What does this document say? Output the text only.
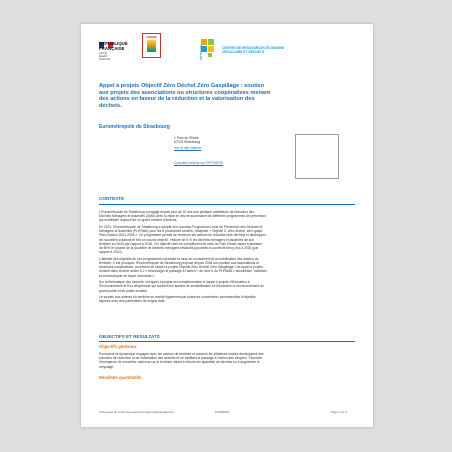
RÉPUBLIQUE
FRANÇAISE
Liberté
Égalité
Fraternité
ADEME
OPTIGEDE	CENTRE DE RESSOURCES ÉCONOMIE
CIRCULAIRE ET DÉCHETS
Appel à projets Objectif Zéro Déchet Zéro Gaspillage : soutien
aux projets des associations ou structures coopératives menant
des actions en faveur de la réduction et la valorisation des
déchets.
Eurométropole de Strasbourg
1 Parc de l'Etoile
67076 Strasbourg
Voir le site internet
Consulter la fiche sur OPTIGEDE
CONTEXTE
L'Eurométropole de Strasbourg a engagé depuis plus de 10 ans une politique ambitieuse de réduction des
Déchets Ménagers et Assimilés (DMA) avec la mise en œuvre successive de différents programmes de prévention
qui mobilisent aujourd'hui un grand nombre d'acteurs.
En 2021, l'Eurométropole de Strasbourg a adopté son nouveau Programme Local de Prévention des Déchets et
Ménagers et Assimilés (PLPDMA) pour les 6 prochaines années, rebaptisé « Objectif Z, zéro déchet, zéro gaspi.
Plan d'action 2021-2026 ». Ce programme permet de renforcer les actions de réduction des déchets et développer
de nouvelles solutions et fixe un nouvel objectif : réduire de 6 % les déchets ménagers et assimilés de son
territoire en 2026 par rapport à 2018. Cet objectif vient en complément de celui du Plan Climat visant à abaisser
de 50% le volume de la poubelle de déchets ménagers résiduels (poubelle à couvercle bleu) d'ici à 2030 (par
rapport à 2010).
L'atteinte des objectifs de ces programmes nécessite la mise en mouvement et la mobilisation des acteurs du
territoire. C'est pourquoi, l'Eurométropole de Strasbourg propose depuis 2018 son soutien aux associations et
structures coopératives, au travers de l'appel à projets Objectif Zéro Déchet Zéro Gaspillage. Cet appel à projets
s'inscrit dans la fiche action 6.2 « encourager le passage à l'action » de l'axe 6 du PLPDMA « sensibiliser, mobiliser
et communiquer de façon innovante ».
Sur la thématique des déchets, cet appel à projets est complémentaire à l'appel à projets d'Education à
l'Environnement et Eco-citoyenneté qui soutient les actions de sensibilisation et d'éducation à l'environnement du
grand public et du public scolaire.
Le soutien aux acteurs du territoire se traduit également par plusieurs conventions pluriannuelles d'objectifs
signées avec des partenaires de longue date.
OBJECTIFS ET RESULTATS
Objectifs généraux
Poursuivre la dynamique engagée avec les acteurs de territoire et soutenir les initiatives locales développant des
solutions de réduction et de valorisation des déchets et en facilitant le passage à l'action des citoyens. Favoriser
l'émergence de nouvelles solutions sur le territoire visant à réduire les quantités de déchets ou à augmenter le
recyclage.
Résultats quantitatifs
Fiche issue du centre de ressources www.optigede.ademe.fr	16/04/2024	Page 1 sur 4
